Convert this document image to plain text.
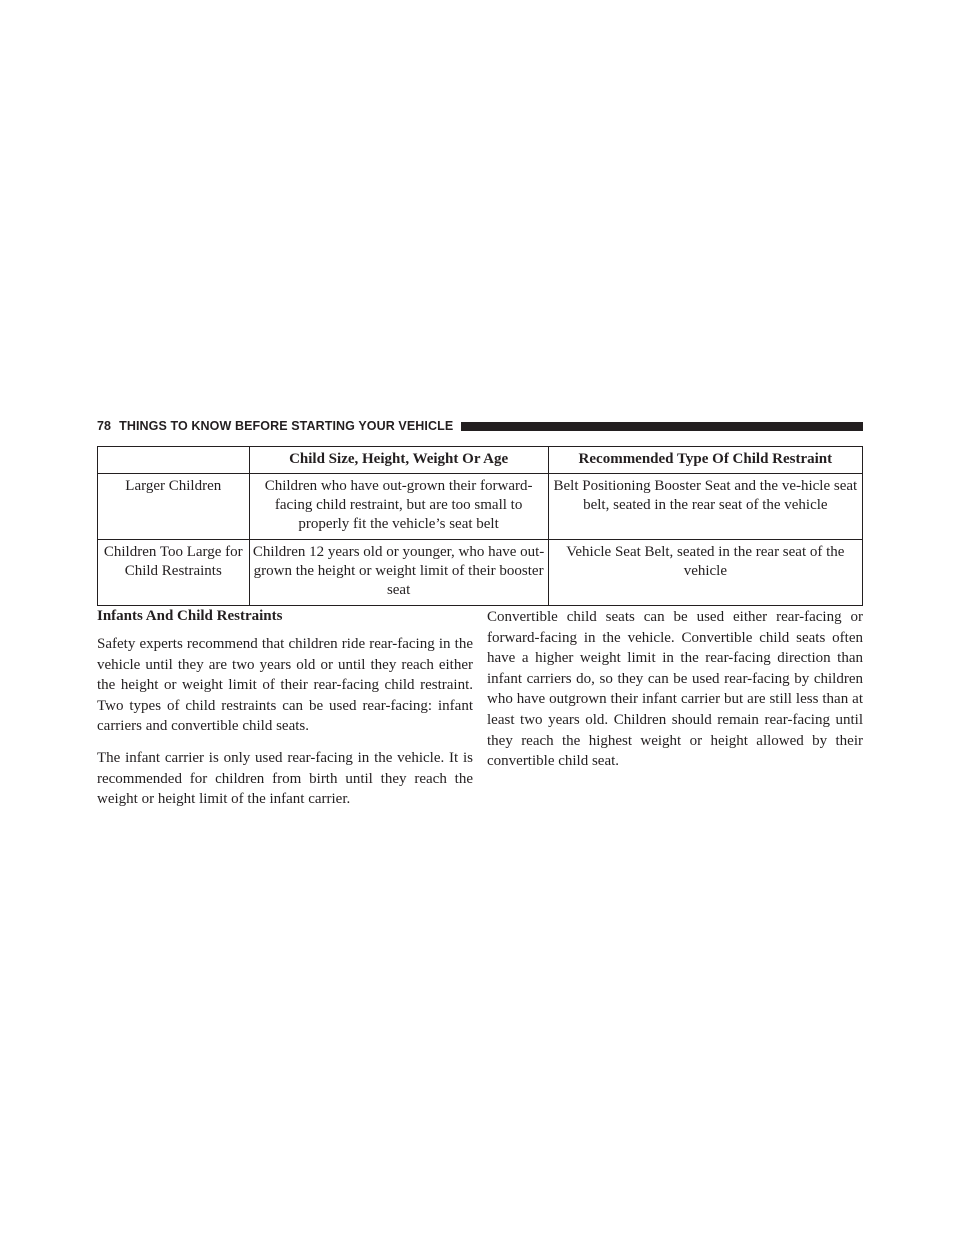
78 THINGS TO KNOW BEFORE STARTING YOUR VEHICLE
	Child Size, Height, Weight Or Age	Recommended Type Of Child Restraint
Larger Children	Children who have out-grown their forward-facing child restraint, but are too small to properly fit the vehicle’s seat belt	Belt Positioning Booster Seat and the ve-hicle seat belt, seated in the rear seat of the vehicle
Children Too Large for Child Restraints	Children 12 years old or younger, who have out-grown the height or weight limit of their booster seat	Vehicle Seat Belt, seated in the rear seat of the vehicle
Infants And Child Restraints

Safety experts recommend that children ride rear-facing in the vehicle until they are two years old or until they reach either the height or weight limit of their rear-facing child restraint. Two types of child restraints can be used rear-facing: infant carriers and convertible child seats.

The infant carrier is only used rear-facing in the vehicle. It is recommended for children from birth until they reach the weight or height limit of the infant carrier.

Convertible child seats can be used either rear-facing or forward-facing in the vehicle. Convertible child seats often have a higher weight limit in the rear-facing direction than infant carriers do, so they can be used rear-facing by children who have outgrown their infant carrier but are still less than at least two years old. Children should remain rear-facing until they reach the highest weight or height allowed by their convertible child seat.
